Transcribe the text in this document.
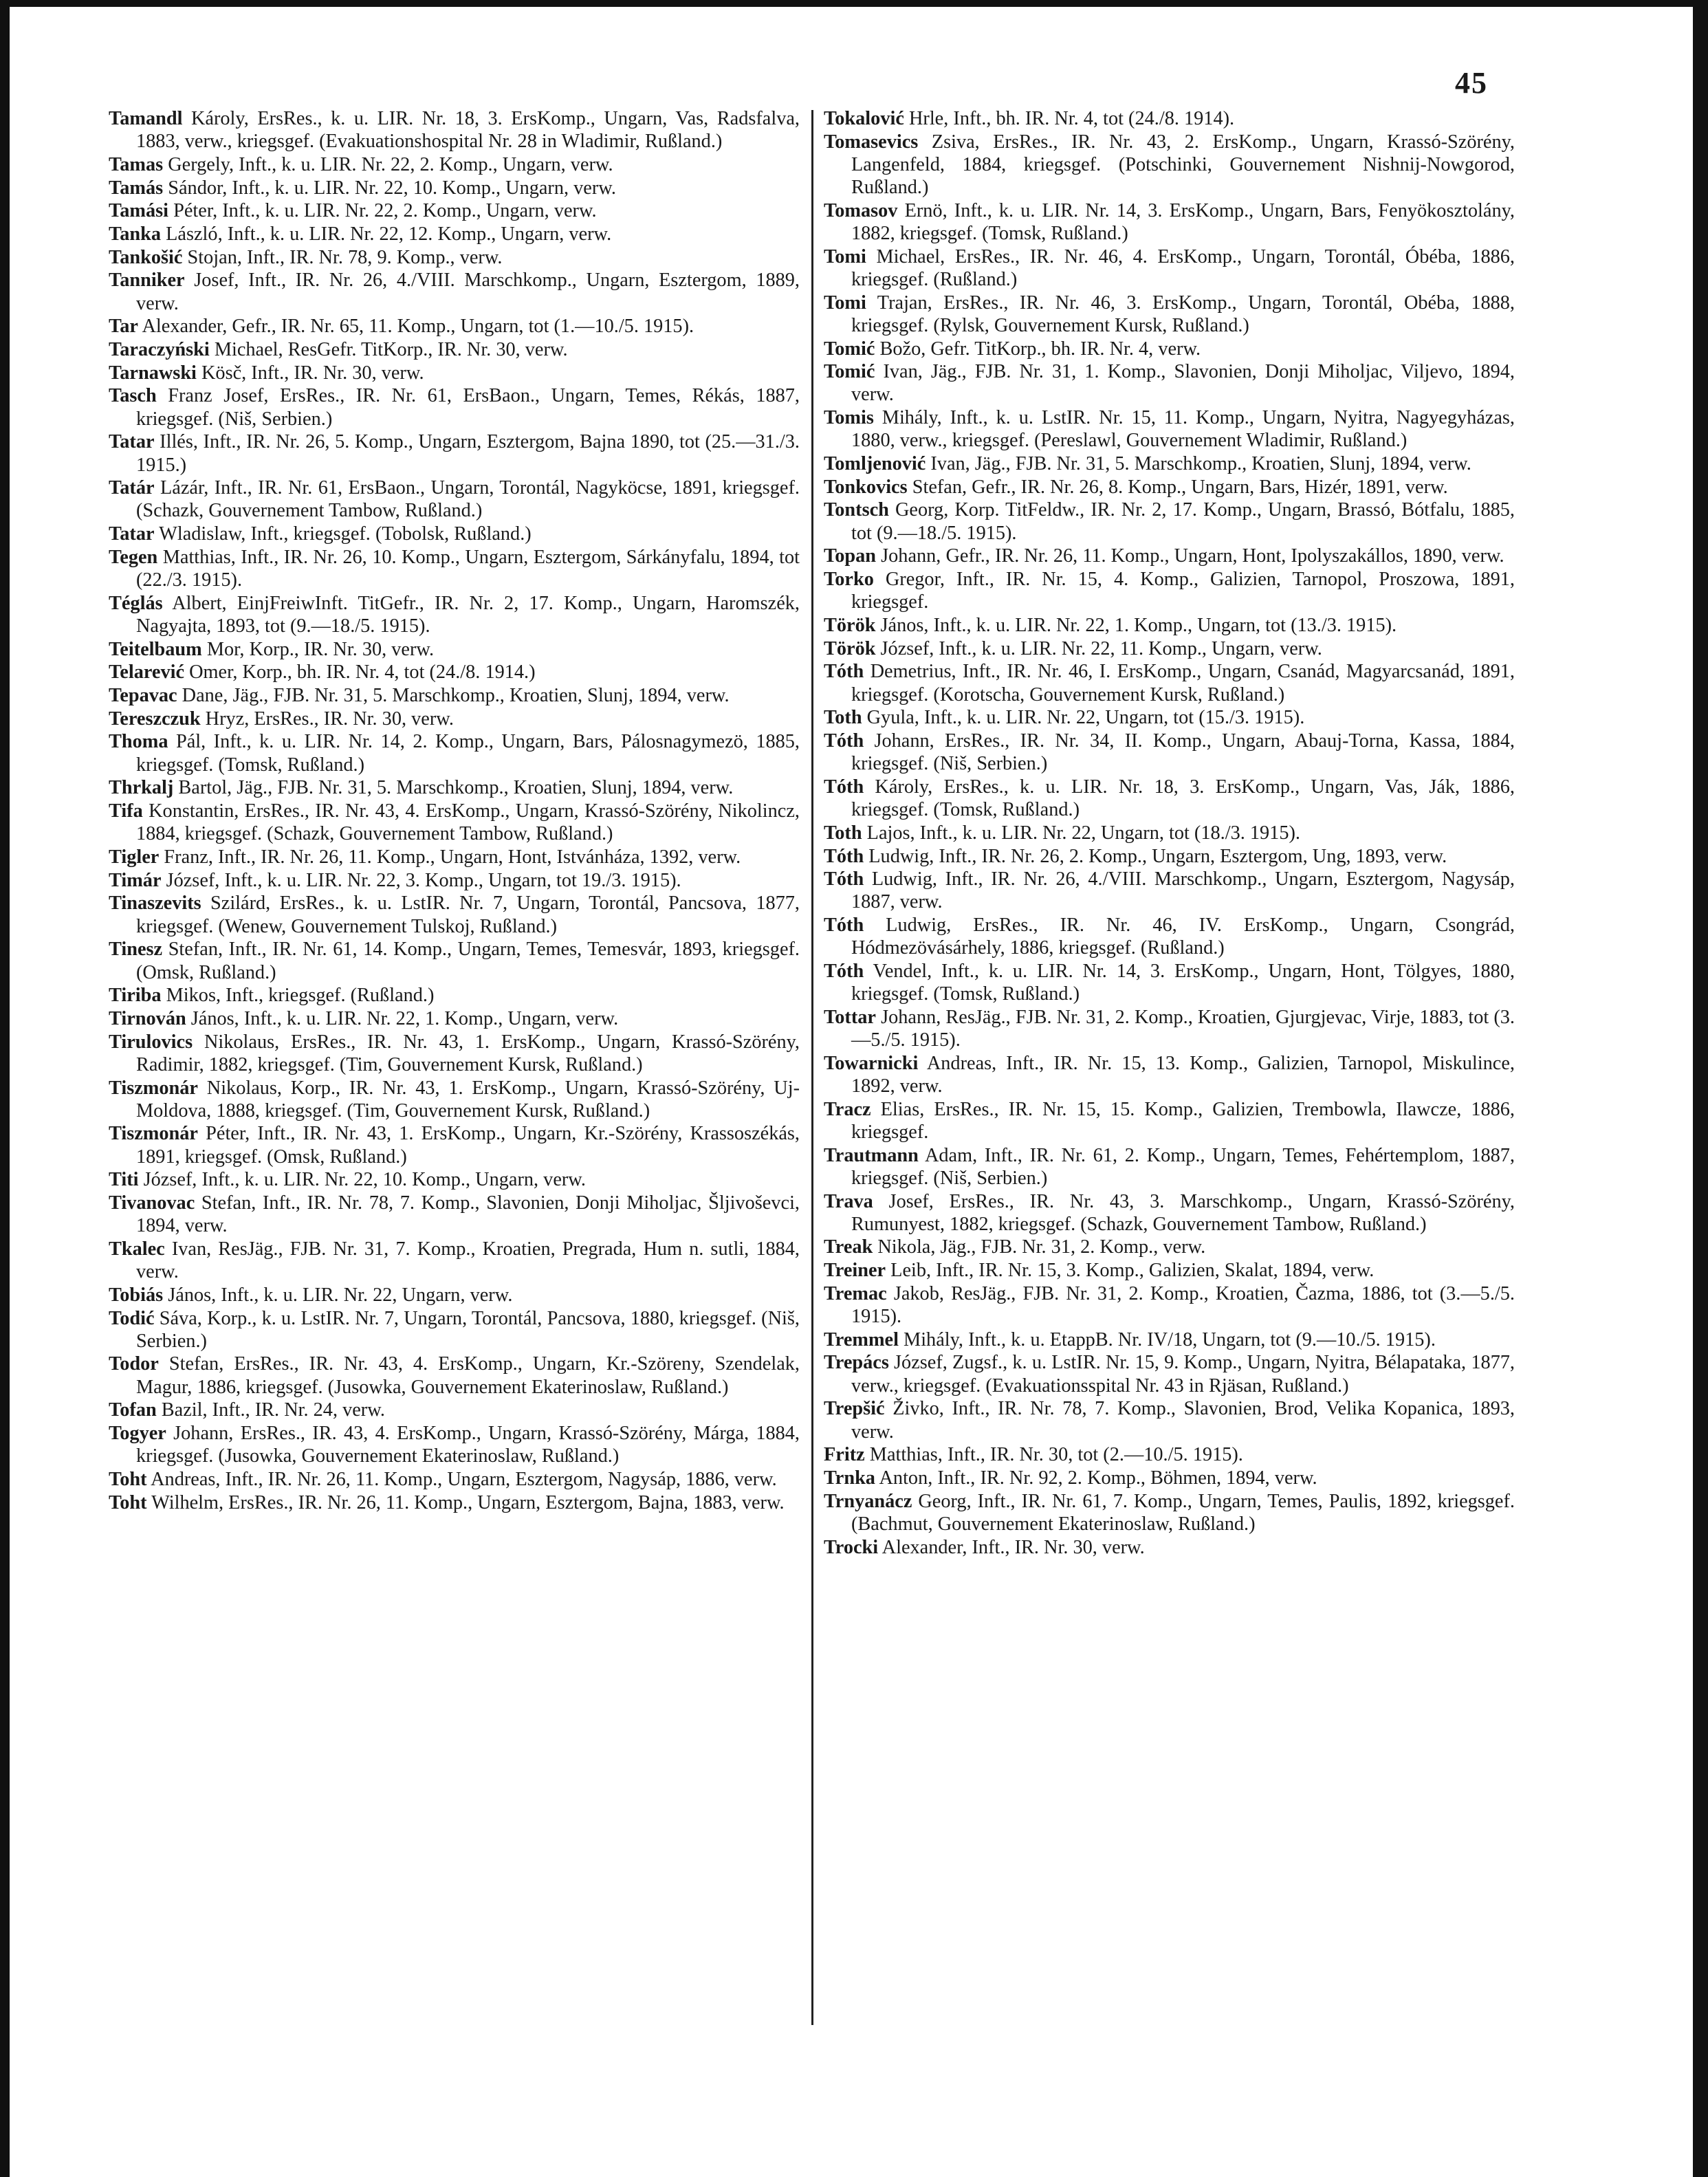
45

Tamandl Károly, ErsRes., k. u. LIR. Nr. 18, 3. ErsKomp., Ungarn, Vas, Radsfalva, 1883, verw., kriegsgef. (Evakuationshospital Nr. 28 in Wladimir, Rußland.)

Tamas Gergely, Inft., k. u. LIR. Nr. 22, 2. Komp., Ungarn, verw.

Tamás Sándor, Inft., k. u. LIR. Nr. 22, 10. Komp., Ungarn, verw.

Tamási Péter, Inft., k. u. LIR. Nr. 22, 2. Komp., Ungarn, verw.

Tanka László, Inft., k. u. LIR. Nr. 22, 12. Komp., Ungarn, verw.

Tankošić Stojan, Inft., IR. Nr. 78, 9. Komp., verw.

Tanniker Josef, Inft., IR. Nr. 26, 4./VIII. Marschkomp., Ungarn, Esztergom, 1889, verw.

Tar Alexander, Gefr., IR. Nr. 65, 11. Komp., Ungarn, tot (1.—10./5. 1915).

Taraczyński Michael, ResGefr. TitKorp., IR. Nr. 30, verw.

Tarnawski Kösč, Inft., IR. Nr. 30, verw.

Tasch Franz Josef, ErsRes., IR. Nr. 61, ErsBaon., Ungarn, Temes, Rékás, 1887, kriegsgef. (Niš, Serbien.)

Tatar Illés, Inft., IR. Nr. 26, 5. Komp., Ungarn, Esztergom, Bajna 1890, tot (25.—31./3. 1915.)

Tatár Lázár, Inft., IR. Nr. 61, ErsBaon., Ungarn, Torontál, Nagyköcse, 1891, kriegsgef. (Schazk, Gouvernement Tambow, Rußland.)

Tatar Wladislaw, Inft., kriegsgef. (Tobolsk, Rußland.)

Tegen Matthias, Inft., IR. Nr. 26, 10. Komp., Ungarn, Esztergom, Sárkányfalu, 1894, tot (22./3. 1915).

Téglás Albert, EinjFreiwInft. TitGefr., IR. Nr. 2, 17. Komp., Ungarn, Haromszék, Nagyajta, 1893, tot (9.—18./5. 1915).

Teitelbaum Mor, Korp., IR. Nr. 30, verw.

Telarević Omer, Korp., bh. IR. Nr. 4, tot (24./8. 1914.)

Tepavac Dane, Jäg., FJB. Nr. 31, 5. Marschkomp., Kroatien, Slunj, 1894, verw.

Tereszczuk Hryz, ErsRes., IR. Nr. 30, verw.

Thoma Pál, Inft., k. u. LIR. Nr. 14, 2. Komp., Ungarn, Bars, Pálosnagymezö, 1885, kriegsgef. (Tomsk, Rußland.)

Thrkalj Bartol, Jäg., FJB. Nr. 31, 5. Marschkomp., Kroatien, Slunj, 1894, verw.

Tifa Konstantin, ErsRes., IR. Nr. 43, 4. ErsKomp., Ungarn, Krassó-Szörény, Nikolincz, 1884, kriegsgef. (Schazk, Gouvernement Tambow, Rußland.)

Tigler Franz, Inft., IR. Nr. 26, 11. Komp., Ungarn, Hont, Istvánháza, 1392, verw.

Timár József, Inft., k. u. LIR. Nr. 22, 3. Komp., Ungarn, tot 19./3. 1915).

Tinaszevits Szilárd, ErsRes., k. u. LstIR. Nr. 7, Ungarn, Torontál, Pancsova, 1877, kriegsgef. (Wenew, Gouvernement Tulskoj, Rußland.)

Tinesz Stefan, Inft., IR. Nr. 61, 14. Komp., Ungarn, Temes, Temesvár, 1893, kriegsgef. (Omsk, Rußland.)

Tiriba Mikos, Inft., kriegsgef. (Rußland.)

Tirnován János, Inft., k. u. LIR. Nr. 22, 1. Komp., Ungarn, verw.

Tirulovics Nikolaus, ErsRes., IR. Nr. 43, 1. ErsKomp., Ungarn, Krassó-Szörény, Radimir, 1882, kriegsgef. (Tim, Gouvernement Kursk, Rußland.)

Tiszmonár Nikolaus, Korp., IR. Nr. 43, 1. ErsKomp., Ungarn, Krassó-Szörény, Uj-Moldova, 1888, kriegsgef. (Tim, Gouvernement Kursk, Rußland.)

Tiszmonár Péter, Inft., IR. Nr. 43, 1. ErsKomp., Ungarn, Kr.-Szörény, Krassoszékás, 1891, kriegsgef. (Omsk, Rußland.)

Titi József, Inft., k. u. LIR. Nr. 22, 10. Komp., Ungarn, verw.

Tivanovac Stefan, Inft., IR. Nr. 78, 7. Komp., Slavonien, Donji Miholjac, Šljivoševci, 1894, verw.

Tkalec Ivan, ResJäg., FJB. Nr. 31, 7. Komp., Kroatien, Pregrada, Hum n. sutli, 1884, verw.

Tobiás János, Inft., k. u. LIR. Nr. 22, Ungarn, verw.

Todić Sáva, Korp., k. u. LstIR. Nr. 7, Ungarn, Torontál, Pancsova, 1880, kriegsgef. (Niš, Serbien.)

Todor Stefan, ErsRes., IR. Nr. 43, 4. ErsKomp., Ungarn, Kr.-Szöreny, Szendelak, Magur, 1886, kriegsgef. (Jusowka, Gouvernement Ekaterinoslaw, Rußland.)

Tofan Bazil, Inft., IR. Nr. 24, verw.

Togyer Johann, ErsRes., IR. 43, 4. ErsKomp., Ungarn, Krassó-Szörény, Márga, 1884, kriegsgef. (Jusowka, Gouvernement Ekaterinoslaw, Rußland.)

Toht Andreas, Inft., IR. Nr. 26, 11. Komp., Ungarn, Esztergom, Nagysáp, 1886, verw.

Toht Wilhelm, ErsRes., IR. Nr. 26, 11. Komp., Ungarn, Esztergom, Bajna, 1883, verw.

Tokalović Hrle, Inft., bh. IR. Nr. 4, tot (24./8. 1914).

Tomasevics Zsiva, ErsRes., IR. Nr. 43, 2. ErsKomp., Ungarn, Krassó-Szörény, Langenfeld, 1884, kriegsgef. (Potschinki, Gouvernement Nishnij-Nowgorod, Rußland.)

Tomasov Ernö, Inft., k. u. LIR. Nr. 14, 3. ErsKomp., Ungarn, Bars, Fenyökosztolány, 1882, kriegsgef. (Tomsk, Rußland.)

Tomi Michael, ErsRes., IR. Nr. 46, 4. ErsKomp., Ungarn, Torontál, Óbéba, 1886, kriegsgef. (Rußland.)

Tomi Trajan, ErsRes., IR. Nr. 46, 3. ErsKomp., Ungarn, Torontál, Obéba, 1888, kriegsgef. (Rylsk, Gouvernement Kursk, Rußland.)

Tomić Božo, Gefr. TitKorp., bh. IR. Nr. 4, verw.

Tomić Ivan, Jäg., FJB. Nr. 31, 1. Komp., Slavonien, Donji Miholjac, Viljevo, 1894, verw.

Tomis Mihály, Inft., k. u. LstIR. Nr. 15, 11. Komp., Ungarn, Nyitra, Nagyegyházas, 1880, verw., kriegsgef. (Pereslawl, Gouvernement Wladimir, Rußland.)

Tomljenović Ivan, Jäg., FJB. Nr. 31, 5. Marschkomp., Kroatien, Slunj, 1894, verw.

Tonkovics Stefan, Gefr., IR. Nr. 26, 8. Komp., Ungarn, Bars, Hizér, 1891, verw.

Tontsch Georg, Korp. TitFeldw., IR. Nr. 2, 17. Komp., Ungarn, Brassó, Bótfalu, 1885, tot (9.—18./5. 1915).

Topan Johann, Gefr., IR. Nr. 26, 11. Komp., Ungarn, Hont, Ipolyszakállos, 1890, verw.

Torko Gregor, Inft., IR. Nr. 15, 4. Komp., Galizien, Tarnopol, Proszowa, 1891, kriegsgef.

Török János, Inft., k. u. LIR. Nr. 22, 1. Komp., Ungarn, tot (13./3. 1915).

Török József, Inft., k. u. LIR. Nr. 22, 11. Komp., Ungarn, verw.

Tóth Demetrius, Inft., IR. Nr. 46, I. ErsKomp., Ungarn, Csanád, Magyarcsanád, 1891, kriegsgef. (Korotscha, Gouvernement Kursk, Rußland.)

Toth Gyula, Inft., k. u. LIR. Nr. 22, Ungarn, tot (15./3. 1915).

Tóth Johann, ErsRes., IR. Nr. 34, II. Komp., Ungarn, Abauj-Torna, Kassa, 1884, kriegsgef. (Niš, Serbien.)

Tóth Károly, ErsRes., k. u. LIR. Nr. 18, 3. ErsKomp., Ungarn, Vas, Ják, 1886, kriegsgef. (Tomsk, Rußland.)

Toth Lajos, Inft., k. u. LIR. Nr. 22, Ungarn, tot (18./3. 1915).

Tóth Ludwig, Inft., IR. Nr. 26, 2. Komp., Ungarn, Esztergom, Ung, 1893, verw.

Tóth Ludwig, Inft., IR. Nr. 26, 4./VIII. Marschkomp., Ungarn, Esztergom, Nagysáp, 1887, verw.

Tóth Ludwig, ErsRes., IR. Nr. 46, IV. ErsKomp., Ungarn, Csongrád, Hódmezövásárhely, 1886, kriegsgef. (Rußland.)

Tóth Vendel, Inft., k. u. LIR. Nr. 14, 3. ErsKomp., Ungarn, Hont, Tölgyes, 1880, kriegsgef. (Tomsk, Rußland.)

Tottar Johann, ResJäg., FJB. Nr. 31, 2. Komp., Kroatien, Gjurgjevac, Virje, 1883, tot (3.—5./5. 1915).

Towarnicki Andreas, Inft., IR. Nr. 15, 13. Komp., Galizien, Tarnopol, Miskulince, 1892, verw.

Tracz Elias, ErsRes., IR. Nr. 15, 15. Komp., Galizien, Trembowla, Ilawcze, 1886, kriegsgef.

Trautmann Adam, Inft., IR. Nr. 61, 2. Komp., Ungarn, Temes, Fehértemplom, 1887, kriegsgef. (Niš, Serbien.)

Trava Josef, ErsRes., IR. Nr. 43, 3. Marschkomp., Ungarn, Krassó-Szörény, Rumunyest, 1882, kriegsgef. (Schazk, Gouvernement Tambow, Rußland.)

Treak Nikola, Jäg., FJB. Nr. 31, 2. Komp., verw.

Treiner Leib, Inft., IR. Nr. 15, 3. Komp., Galizien, Skalat, 1894, verw.

Tremac Jakob, ResJäg., FJB. Nr. 31, 2. Komp., Kroatien, Čazma, 1886, tot (3.—5./5. 1915).

Tremmel Mihály, Inft., k. u. EtappB. Nr. IV/18, Ungarn, tot (9.—10./5. 1915).

Trepács József, Zugsf., k. u. LstIR. Nr. 15, 9. Komp., Ungarn, Nyitra, Bélapataka, 1877, verw., kriegsgef. (Evakuationsspital Nr. 43 in Rjäsan, Rußland.)

Trepšić Živko, Inft., IR. Nr. 78, 7. Komp., Slavonien, Brod, Velika Kopanica, 1893, verw.

Fritz Matthias, Inft., IR. Nr. 30, tot (2.—10./5. 1915).

Trnka Anton, Inft., IR. Nr. 92, 2. Komp., Böhmen, 1894, verw.

Trnyanácz Georg, Inft., IR. Nr. 61, 7. Komp., Ungarn, Temes, Paulis, 1892, kriegsgef. (Bachmut, Gouvernement Ekaterinoslaw, Rußland.)

Trocki Alexander, Inft., IR. Nr. 30, verw.
